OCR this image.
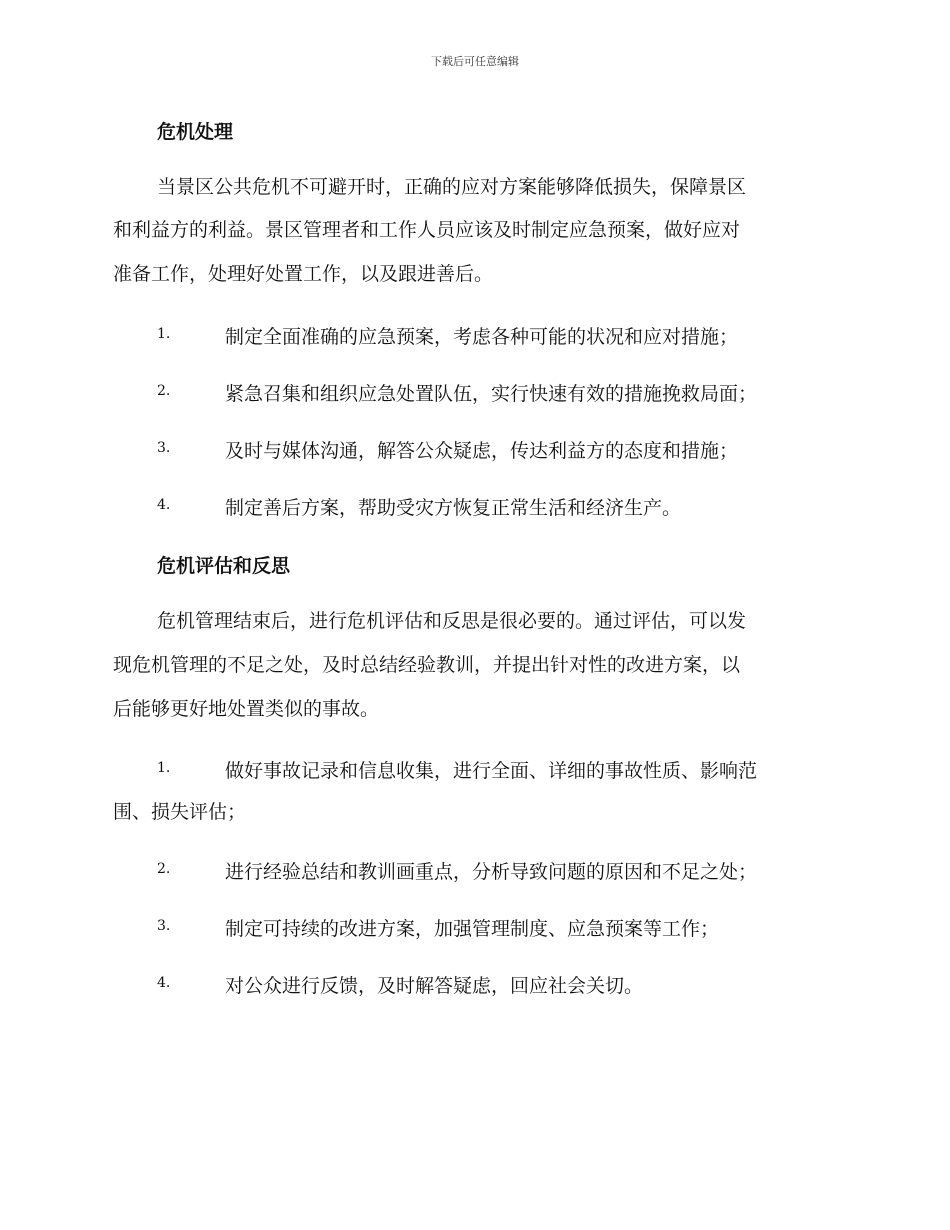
下载后可任意编辑
危机处理
当景区公共危机不可避开时，正确的应对方案能够降低损失，保障景区
和利益方的利益。景区管理者和工作人员应该及时制定应急预案，做好应对
准备工作，处理好处置工作，以及跟进善后。
1.	制定全面准确的应急预案，考虑各种可能的状况和应对措施；
2.	紧急召集和组织应急处置队伍，实行快速有效的措施挽救局面；
3.	及时与媒体沟通，解答公众疑虑，传达利益方的态度和措施；
4.	制定善后方案，帮助受灾方恢复正常生活和经济生产。
危机评估和反思
危机管理结束后，进行危机评估和反思是很必要的。通过评估，可以发
现危机管理的不足之处，及时总结经验教训，并提出针对性的改进方案，以
后能够更好地处置类似的事故。
1.	做好事故记录和信息收集，进行全面、详细的事故性质、影响范
围、损失评估；
2.	进行经验总结和教训画重点，分析导致问题的原因和不足之处；
3.	制定可持续的改进方案，加强管理制度、应急预案等工作；
4.	对公众进行反馈，及时解答疑虑，回应社会关切。
